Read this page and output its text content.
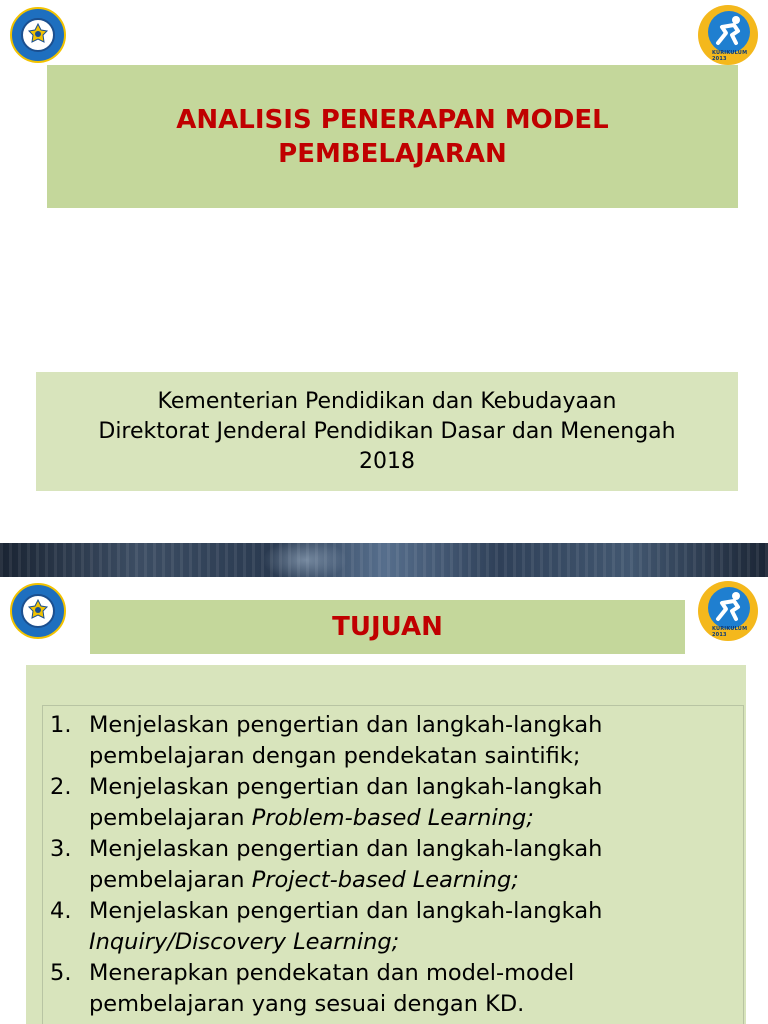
KURIKULUM 2013
ANALISIS PENERAPAN MODEL
PEMBELAJARAN
Kementerian Pendidikan dan Kebudayaan
Direktorat Jenderal Pendidikan Dasar dan Menengah
2018
KURIKULUM 2013
TUJUAN
1. Menjelaskan pengertian dan langkah-langkah
pembelajaran dengan pendekatan saintifik;
2. Menjelaskan pengertian dan langkah-langkah
pembelajaran Problem-based Learning;
3. Menjelaskan pengertian dan langkah-langkah
pembelajaran Project-based Learning;
4. Menjelaskan pengertian dan langkah-langkah
Inquiry/Discovery Learning;
5. Menerapkan pendekatan dan model-model
pembelajaran yang sesuai dengan KD.
